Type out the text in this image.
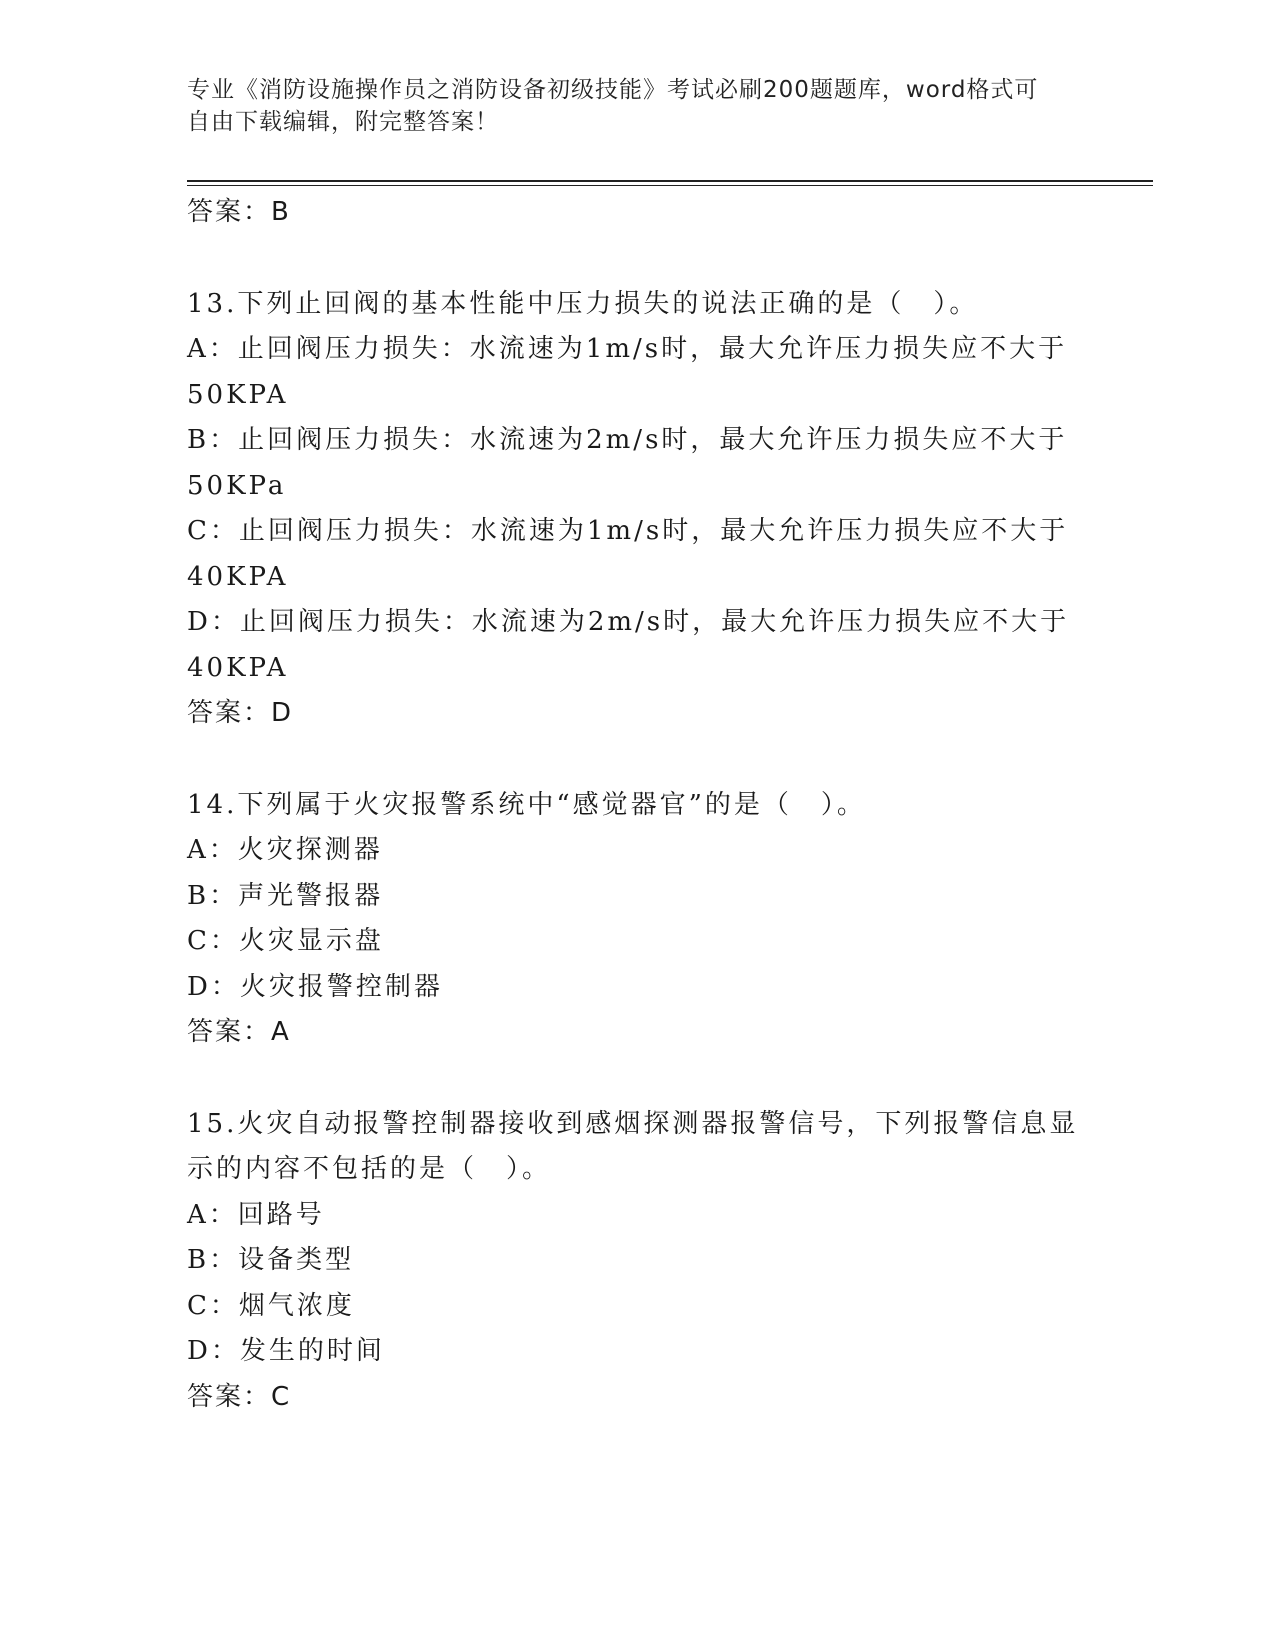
专业《消防设施操作员之消防设备初级技能》考试必刷200题题库，word格式可
自由下载编辑，附完整答案！
答案：B
13.下列止回阀的基本性能中压力损失的说法正确的是（　）。
A：止回阀压力损失：水流速为1m/s时，最大允许压力损失应不大于
50KPA
B：止回阀压力损失：水流速为2m/s时，最大允许压力损失应不大于
50KPa
C：止回阀压力损失：水流速为1m/s时，最大允许压力损失应不大于
40KPA
D：止回阀压力损失：水流速为2m/s时，最大允许压力损失应不大于
40KPA
答案：D
14.下列属于火灾报警系统中“感觉器官”的是（　）。
A：火灾探测器
B：声光警报器
C：火灾显示盘
D：火灾报警控制器
答案：A
15.火灾自动报警控制器接收到感烟探测器报警信号，下列报警信息显
示的内容不包括的是（　）。
A：回路号
B：设备类型
C：烟气浓度
D：发生的时间
答案：C
